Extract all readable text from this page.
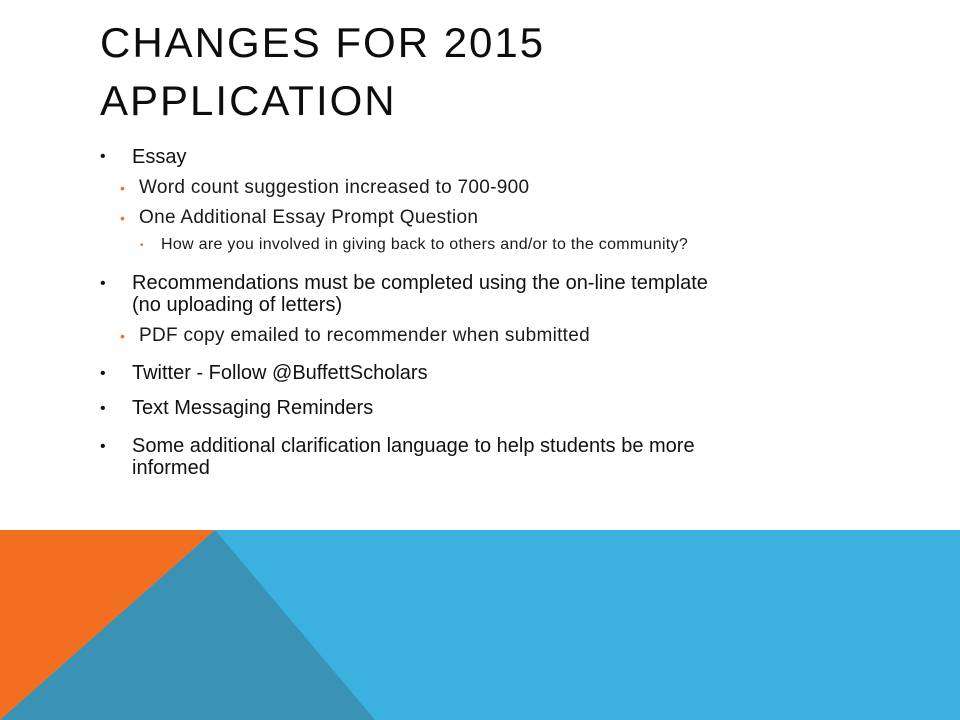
CHANGES FOR 2015
APPLICATION
• Essay
• Word count suggestion increased to 700-900
• One Additional Essay Prompt Question
• How are you involved in giving back to others and/or to the community?
• Recommendations must be completed using the on-line template
(no uploading of letters)
• PDF copy emailed to recommender when submitted
• Twitter - Follow @BuffettScholars
• Text Messaging Reminders
• Some additional clarification language to help students be more
informed
